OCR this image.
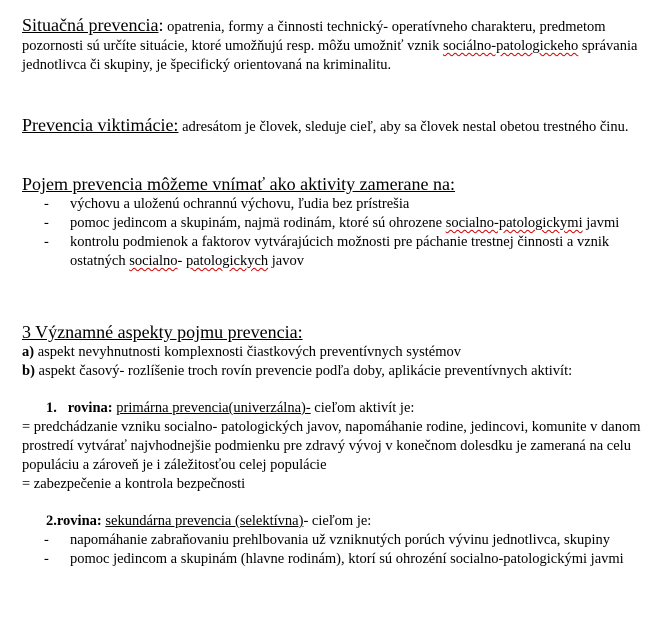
Situačná prevencia: opatrenia, formy a činnosti technický- operatívneho charakteru, predmetom pozornosti sú určíte situácie, ktoré umožňujú resp. môžu umožniť vznik sociálno-patologickeho správania jednotlivca či skupiny, je špecifický orientovaná na kriminalitu.
Prevencia viktimácie: adresátom je človek, sleduje cieľ, aby sa človek nestal obetou trestného činu.
Pojem prevencia môžeme vnímať ako aktivity zamerane na:
- výchovu a uloženú ochrannú výchovu, ľudia bez prístrešia
- pomoc jedincom a skupinám, najmä rodinám, ktoré sú ohrozene socialno-patologickymi javmi
- kontrolu podmienok a faktorov vytvárajúcich možnosti pre páchanie trestnej činnosti a vznik ostatných socialno- patologickych javov
3 Významné aspekty pojmu prevencia:
a) aspekt nevyhnutnosti komplexnosti čiastkových preventívnych systémov
b) aspekt časový- rozlíšenie troch rovín prevencie podľa doby, aplikácie preventívnych aktivít:
1. rovina: primárna prevencia(univerzálna)- cieľom aktivít je:
= predchádzanie vzniku socialno- patologických javov, napomáhanie rodine, jedincovi, komunite v danom prostredí vytvárať najvhodnejšie podmienku pre zdravý vývoj v konečnom dolesdku je zameraná na celu populáciu a zároveň je i záležitosťou celej populácie
= zabezpečenie a kontrola bezpečnosti
2.rovina: sekundárna prevencia (selektívna)- cieľom je:
- napomáhanie zabraňovaniu prehlbovania už vzniknutých porúch vývinu jednotlivca, skupiny
- pomoc jedincom a skupinám (hlavne rodinám), ktorí sú ohrozéní socialno-patologickými javmi
